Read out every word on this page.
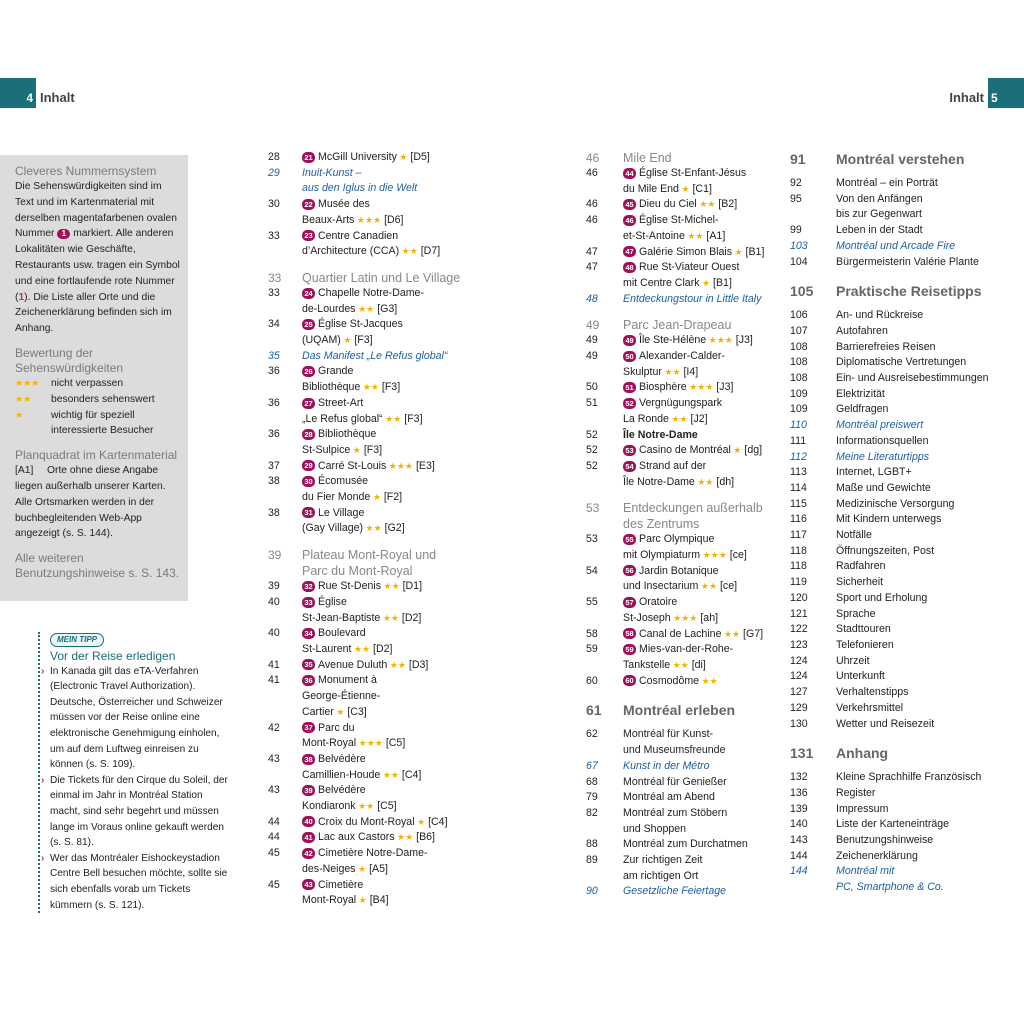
4 Inhalt	Inhalt 5
Cleveres Nummernsystem
Die Sehenswürdigkeiten sind im Text und im Kartenmaterial mit derselben magentafarbenen ovalen Nummer 1 markiert. Alle anderen Lokalitäten wie Geschäfte, Restaurants usw. tragen ein Symbol und eine fortlaufende rote Nummer (1). Die Liste aller Orte und die Zeichenerklärung befinden sich im Anhang.
Bewertung der Sehenswürdigkeiten
★★★	nicht verpassen
★★	besonders sehenswert
★	wichtig für speziell interessierte Besucher
Planquadrat im Kartenmaterial
[A1] Orte ohne diese Angabe liegen außerhalb unserer Karten. Alle Ortsmarken werden in der buchbegleitenden Web-App angezeigt (s. S. 144).
Alle weiteren Benutzungshinweise s. S. 143.
MEIN TIPP
Vor der Reise erledigen
› In Kanada gilt das eTA-Verfahren (Electronic Travel Authorization). Deutsche, Österreicher und Schweizer müssen vor der Reise online eine elektronische Genehmigung einholen, um auf dem Luftweg einreisen zu können (s. S. 109).
› Die Tickets für den Cirque du Soleil, der einmal im Jahr in Montréal Station macht, sind sehr begehrt und müssen lange im Voraus online gekauft werden (s. S. 81).
› Wer das Montréaler Eishockeystadion Centre Bell besuchen möchte, sollte sie sich ebenfalls vorab um Tickets kümmern (s. S. 121).
28	21 McGill University ★ [D5]
29	Inuit-Kunst –
aus den Iglus in die Welt
30	22 Musée des
Beaux-Arts ★★★ [D6]
33	23 Centre Canadien
d’Architecture (CCA) ★★ [D7]
33	Quartier Latin und Le Village
33	24 Chapelle Notre-Dame-
de-Lourdes ★★ [G3]
34	25 Église St-Jacques
(UQAM) ★ [F3]
35	Das Manifest „Le Refus global“
36	26 Grande
Bibliothèque ★★ [F3]
36	27 Street-Art
„Le Refus global“ ★★ [F3]
36	28 Bibliothèque
St-Sulpice ★ [F3]
37	29 Carré St-Louis ★★★ [E3]
38	30 Écomusée
du Fier Monde ★ [F2]
38	31 Le Village
(Gay Village) ★★ [G2]
39	Plateau Mont-Royal und
Parc du Mont-Royal
39	32 Rue St-Denis ★★ [D1]
40	33 Église
St-Jean-Baptiste ★★ [D2]
40	34 Boulevard
St-Laurent ★★ [D2]
41	35 Avenue Duluth ★★ [D3]
41	36 Monument à
George-Étienne-
Cartier ★ [C3]
42	37 Parc du
Mont-Royal ★★★ [C5]
43	38 Belvédère
Camillien-Houde ★★ [C4]
43	39 Belvédère
Kondiaronk ★★ [C5]
44	40 Croix du Mont-Royal ★ [C4]
44	41 Lac aux Castors ★★ [B6]
45	42 Cimetière Notre-Dame-
des-Neiges ★ [A5]
45	43 Cimetière
Mont-Royal ★ [B4]
46	Mile End
46	44 Église St-Enfant-Jésus
du Mile End ★ [C1]
46	45 Dieu du Ciel ★★ [B2]
46	46 Église St-Michel-
et-St-Antoine ★★ [A1]
47	47 Galérie Simon Blais ★ [B1]
47	48 Rue St-Viateur Ouest
mit Centre Clark ★ [B1]
48	Entdeckungstour in Little Italy
49	Parc Jean-Drapeau
49	49 Île Ste-Hélène ★★★ [J3]
49	50 Alexander-Calder-
Skulptur ★★ [I4]
50	51 Biosphère ★★★ [J3]
51	52 Vergnügungspark
La Ronde ★★ [J2]
52	Île Notre-Dame
52	53 Casino de Montréal ★ [dg]
52	54 Strand auf der
Île Notre-Dame ★★ [dh]
53	Entdeckungen außerhalb
des Zentrums
53	55 Parc Olympique
mit Olympiaturm ★★★ [ce]
54	56 Jardin Botanique
und Insectarium ★★ [ce]
55	57 Oratoire
St-Joseph ★★★ [ah]
58	58 Canal de Lachine ★★ [G7]
59	59 Mies-van-der-Rohe-
Tankstelle ★★ [di]
60	60 Cosmodôme ★★
61	Montréal erleben
62	Montréal für Kunst-
und Museumsfreunde
67	Kunst in der Métro
68	Montréal für Genießer
79	Montréal am Abend
82	Montréal zum Stöbern
und Shoppen
88	Montréal zum Durchatmen
89	Zur richtigen Zeit
am richtigen Ort
90	Gesetzliche Feiertage
91	Montréal verstehen
92	Montréal – ein Porträt
95	Von den Anfängen
bis zur Gegenwart
99	Leben in der Stadt
103	Montréal und Arcade Fire
104	Bürgermeisterin Valérie Plante
105	Praktische Reisetipps
106	An- und Rückreise
107	Autofahren
108	Barrierefreies Reisen
108	Diplomatische Vertretungen
108	Ein- und Ausreisebestimmungen
109	Elektrizität
109	Geldfragen
110	Montréal preiswert
111	Informationsquellen
112	Meine Literaturtipps
113	Internet, LGBT+
114	Maße und Gewichte
115	Medizinische Versorgung
116	Mit Kindern unterwegs
117	Notfälle
118	Öffnungszeiten, Post
118	Radfahren
119	Sicherheit
120	Sport und Erholung
121	Sprache
122	Stadttouren
123	Telefonieren
124	Uhrzeit
124	Unterkunft
127	Verhaltenstipps
129	Verkehrsmittel
130	Wetter und Reisezeit
131	Anhang
132	Kleine Sprachhilfe Französisch
136	Register
139	Impressum
140	Liste der Karteneinträge
143	Benutzungshinweise
144	Zeichenerklärung
144	Montréal mit
PC, Smartphone & Co.
